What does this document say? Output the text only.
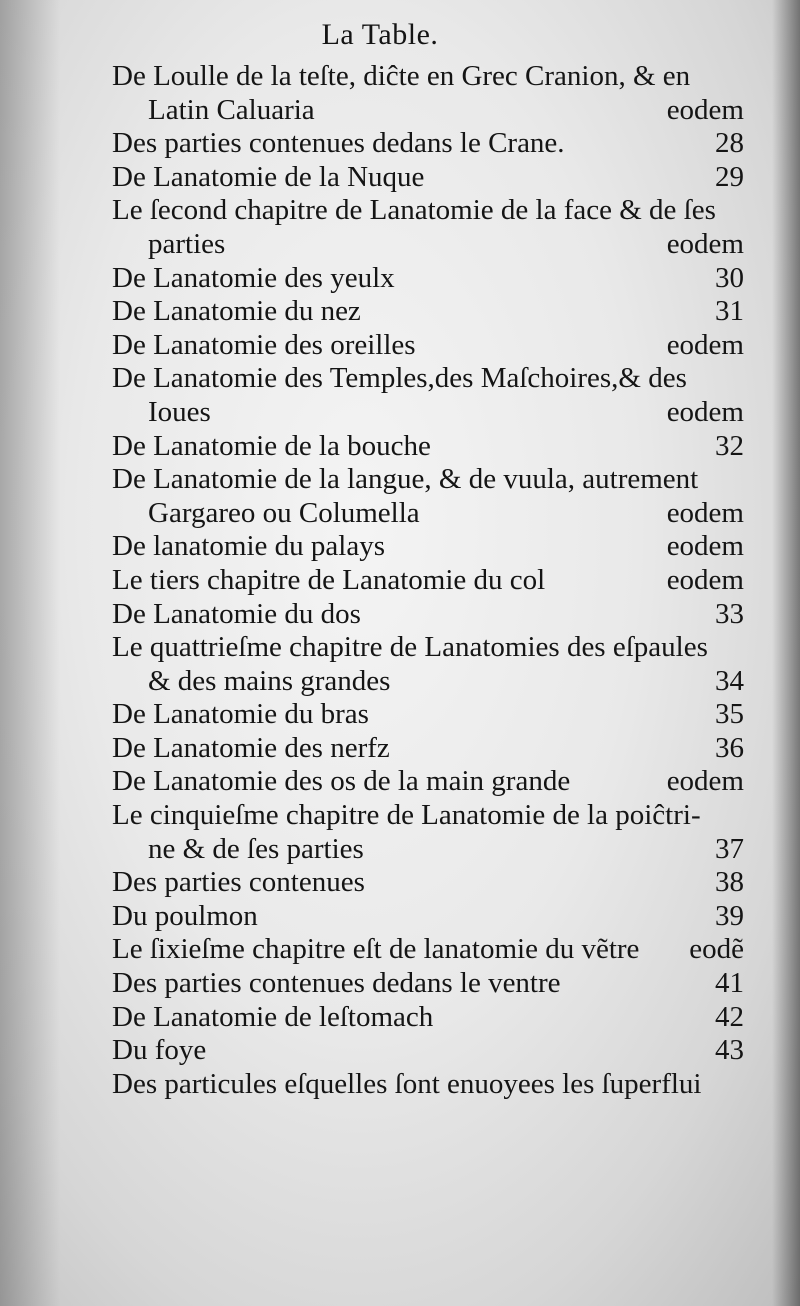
La Table.
De Loulle de la teſte, diĉte en Grec Cranion, & en
Latin Caluaria	eodem
Des parties contenues dedans le Crane.	28
De Lanatomie de la Nuque	29
Le ſecond chapitre de Lanatomie de la face & de ſes
parties	eodem
De Lanatomie des yeulx	30
De Lanatomie du nez	31
De Lanatomie des oreilles	eodem
De Lanatomie des Temples,des Maſchoires,& des
Ioues	eodem
De Lanatomie de la bouche	32
De Lanatomie de la langue, & de vuula, autrement
Gargareo ou Columella	eodem
De lanatomie du palays	eodem
Le tiers chapitre de Lanatomie du col	eodem
De Lanatomie du dos	33
Le quattrieſme chapitre de Lanatomies des eſpaules
& des mains grandes	34
De Lanatomie du bras	35
De Lanatomie des nerfz	36
De Lanatomie des os de la main grande	eodem
Le cinquieſme chapitre de Lanatomie de la poiĉtri-
ne & de ſes parties	37
Des parties contenues	38
Du poulmon	39
Le ſixieſme chapitre eſt de lanatomie du vẽtre eodẽ
Des parties contenues dedans le ventre	41
De Lanatomie de leſtomach	42
Du foye	43
Des particules eſquelles ſont enuoyees les ſuperflui
